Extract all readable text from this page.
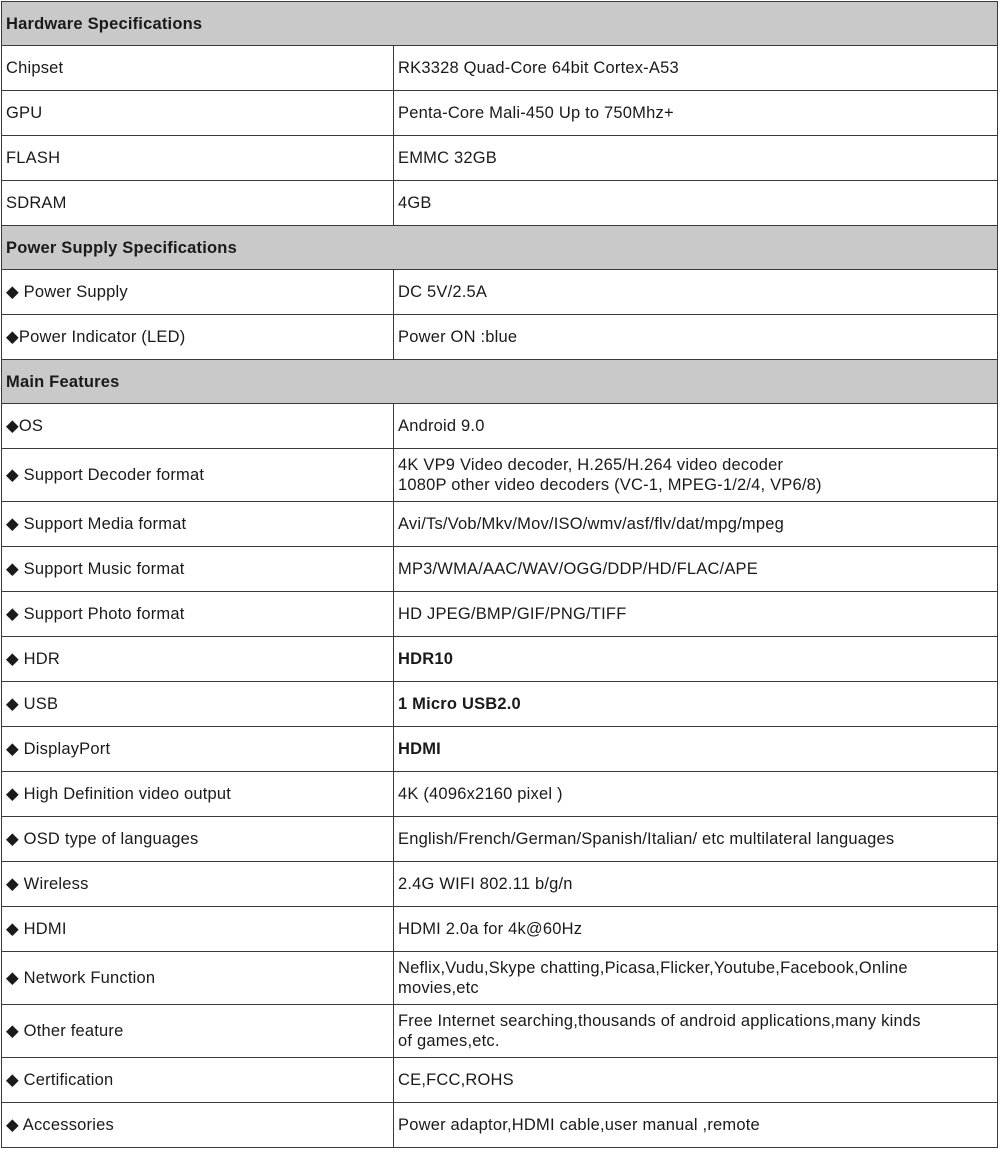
Hardware Specifications	
Chipset	RK3328 Quad-Core 64bit Cortex-A53
GPU	Penta-Core Mali-450 Up to 750Mhz+
FLASH	EMMC 32GB
SDRAM	4GB
Power Supply Specifications	
◆ Power Supply	DC 5V/2.5A
◆Power Indicator (LED)	Power ON :blue
Main Features	
◆OS	Android 9.0
◆ Support Decoder format	4K VP9 Video decoder, H.265/H.264 video decoder
1080P other video decoders (VC-1, MPEG-1/2/4, VP6/8)

◆ Support Media format	Avi/Ts/Vob/Mkv/Mov/ISO/wmv/asf/flv/dat/mpg/mpeg
◆ Support Music format	MP3/WMA/AAC/WAV/OGG/DDP/HD/FLAC/APE
◆ Support Photo format	HD JPEG/BMP/GIF/PNG/TIFF
◆ HDR	HDR10
◆ USB	1 Micro USB2.0
◆ DisplayPort	HDMI
◆ High Definition video output	4K (4096x2160 pixel )
◆ OSD type of languages	English/French/German/Spanish/Italian/ etc multilateral languages
◆ Wireless	2.4G WIFI 802.11 b/g/n
◆ HDMI	HDMI 2.0a for 4k@60Hz
◆ Network Function	Neflix,Vudu,Skype chatting,Picasa,Flicker,Youtube,Facebook,Online
movies,etc

◆ Other feature	Free Internet searching,thousands of android applications,many kinds
of games,etc.

◆ Certification	CE,FCC,ROHS
◆ Accessories	Power adaptor,HDMI cable,user manual ,remote
